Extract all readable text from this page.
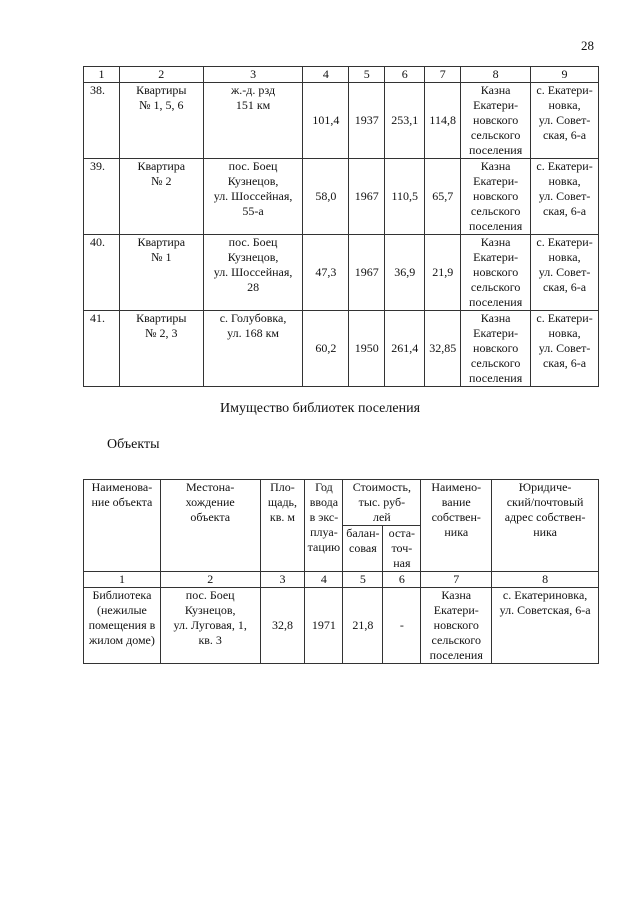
28
1	2	3	4	5	6	7	8	9
38.	Квартиры
№ 1, 5, 6	ж.-д. рзд
151 км	101,4	1937	253,1	114,8	Казна
Екатери-
новского
сельского
поселения	с. Екатери-
новка,
ул. Совет-
ская, 6-а
39.	Квартира
№ 2	пос. Боец
Кузнецов,
ул. Шоссейная,
55-а	58,0	1967	110,5	65,7	Казна
Екатери-
новского
сельского
поселения	с. Екатери-
новка,
ул. Совет-
ская, 6-а
40.	Квартира
№ 1	пос. Боец
Кузнецов,
ул. Шоссейная,
28	47,3	1967	36,9	21,9	Казна
Екатери-
новского
сельского
поселения	с. Екатери-
новка,
ул. Совет-
ская, 6-а
41.	Квартиры
№ 2, 3	с. Голубовка,
ул. 168 км	60,2	1950	261,4	32,85	Казна
Екатери-
новского
сельского
поселения	с. Екатери-
новка,
ул. Совет-
ская, 6-а
Имущество библиотек поселения
Объекты
Наименова-
ние объекта	Местона-
хождение
объекта	Пло-
щадь,
кв. м	Год
ввода
в экс-
плуа-
тацию	Стоимость,
тыс. руб-
лей		Наимено-
вание
собствен-
ника	Юридиче-
ский/почтовый
адрес собствен-
ника
				балан-
совая	оста-
точ-
ная		
1	2	3	4	5	6	7	8
Библиотека
(нежилые
помещения в
жилом доме)	пос. Боец
Кузнецов,
ул. Луговая, 1,
кв. 3	32,8	1971	21,8	-	Казна
Екатери-
новского
сельского
поселения	с. Екатериновка,
ул. Советская, 6-а
